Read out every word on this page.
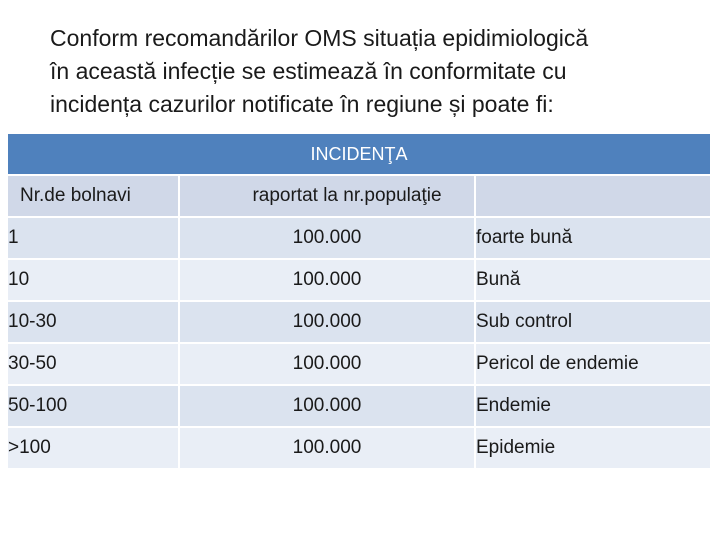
Conform recomandărilor OMS situația epidimiologică
în această infecție se estimează în conformitate cu
incidența cazurilor notificate în regiune și poate fi:
INCIDENŢA		
Nr.de bolnavi	raportat la nr.populaţie	
1	100.000	foarte bună
10	100.000	Bună
10-30	100.000	Sub control
30-50	100.000	Pericol de endemie
50-100	100.000	Endemie
>100	100.000	Epidemie
